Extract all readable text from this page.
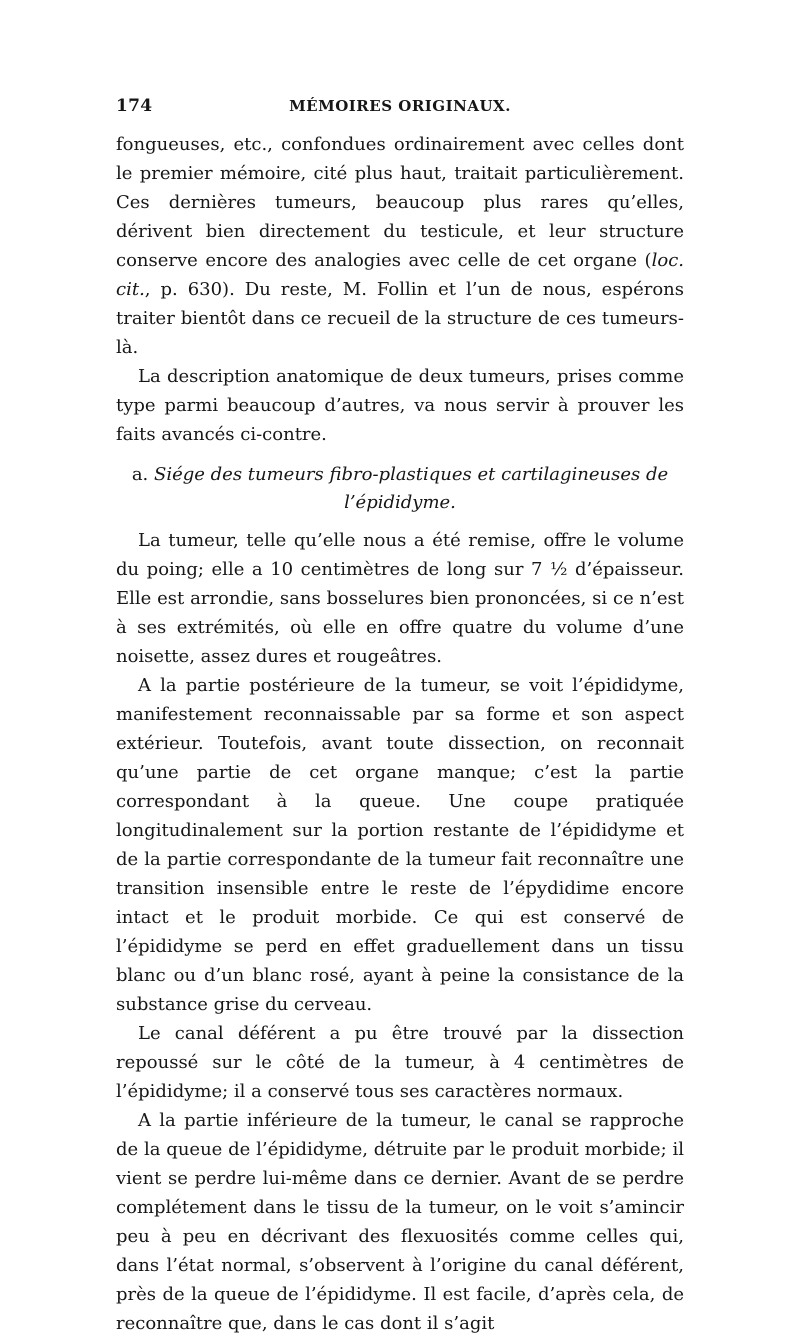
174	MÉMOIRES ORIGINAUX.

fongueuses, etc., confondues ordinairement avec celles dont le premier mémoire, cité plus haut, traitait particulièrement. Ces dernières tumeurs, beaucoup plus rares qu’elles, dérivent bien directement du testicule, et leur structure conserve encore des analogies avec celle de cet organe (loc. cit., p. 630). Du reste, M. Follin et l’un de nous, espérons traiter bientôt dans ce recueil de la structure de ces tumeurs-là.

La description anatomique de deux tumeurs, prises comme type parmi beaucoup d’autres, va nous servir à prouver les faits avancés ci-contre.

a. Siége des tumeurs fibro-plastiques et cartilagineuses de l’épididyme.

La tumeur, telle qu’elle nous a été remise, offre le volume du poing; elle a 10 centimètres de long sur 7 ½ d’épaisseur. Elle est arrondie, sans bosselures bien prononcées, si ce n’est à ses extrémités, où elle en offre quatre du volume d’une noisette, assez dures et rougeâtres.

A la partie postérieure de la tumeur, se voit l’épididyme, manifestement reconnaissable par sa forme et son aspect extérieur. Toutefois, avant toute dissection, on reconnait qu’une partie de cet organe manque; c’est la partie correspondant à la queue. Une coupe pratiquée longitudinalement sur la portion restante de l’épididyme et de la partie correspondante de la tumeur fait reconnaître une transition insensible entre le reste de l’épydidime encore intact et le produit morbide. Ce qui est conservé de l’épididyme se perd en effet graduellement dans un tissu blanc ou d’un blanc rosé, ayant à peine la consistance de la substance grise du cerveau.

Le canal déférent a pu être trouvé par la dissection repoussé sur le côté de la tumeur, à 4 centimètres de l’épididyme; il a conservé tous ses caractères normaux.

A la partie inférieure de la tumeur, le canal se rapproche de la queue de l’épididyme, détruite par le produit morbide; il vient se perdre lui-même dans ce dernier. Avant de se perdre complétement dans le tissu de la tumeur, on le voit s’amincir peu à peu en décrivant des flexuosités comme celles qui, dans l’état normal, s’observent à l’origine du canal déférent, près de la queue de l’épididyme. Il est facile, d’après cela, de reconnaître que, dans le cas dont il s’agit
